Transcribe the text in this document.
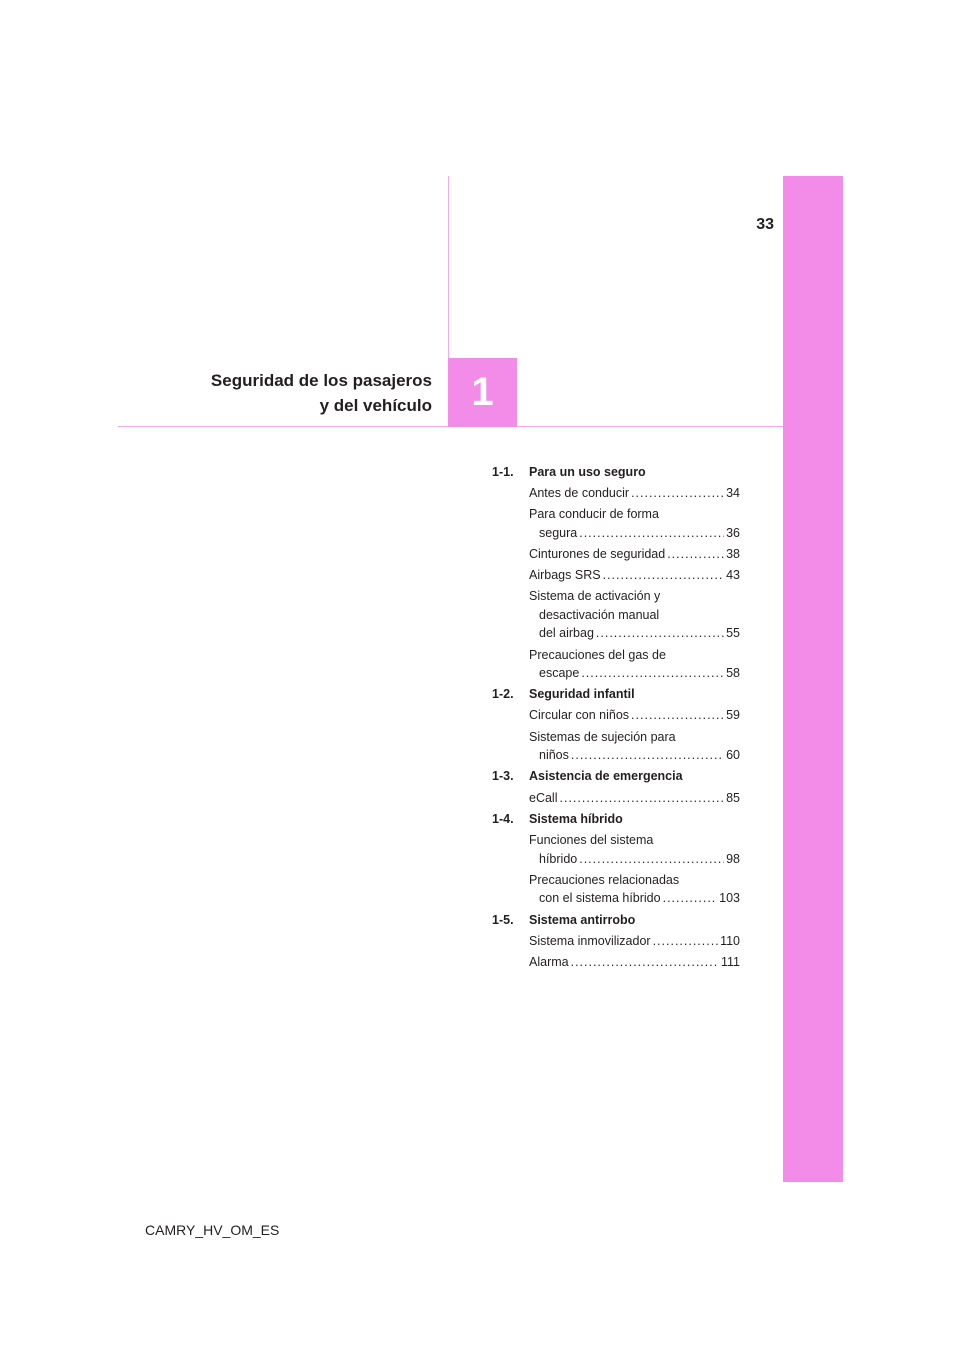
33
1
Seguridad de los pasajeros
y del vehículo
1-1.	Para un uso seguro
Antes de conducir .....	34
Para conducir de forma
segura .....	36
Cinturones de seguridad .....	38
Airbags SRS .....	43
Sistema de activación y
desactivación manual
del airbag .....	55
Precauciones del gas de
escape .....	58
1-2.	Seguridad infantil
Circular con niños .....	59
Sistemas de sujeción para
niños .....	60
1-3.	Asistencia de emergencia
eCall .....	85
1-4.	Sistema híbrido
Funciones del sistema
híbrido .....	98
Precauciones relacionadas
con el sistema híbrido .....	103
1-5.	Sistema antirrobo
Sistema inmovilizador .....	110
Alarma .....	111
CAMRY_HV_OM_ES
